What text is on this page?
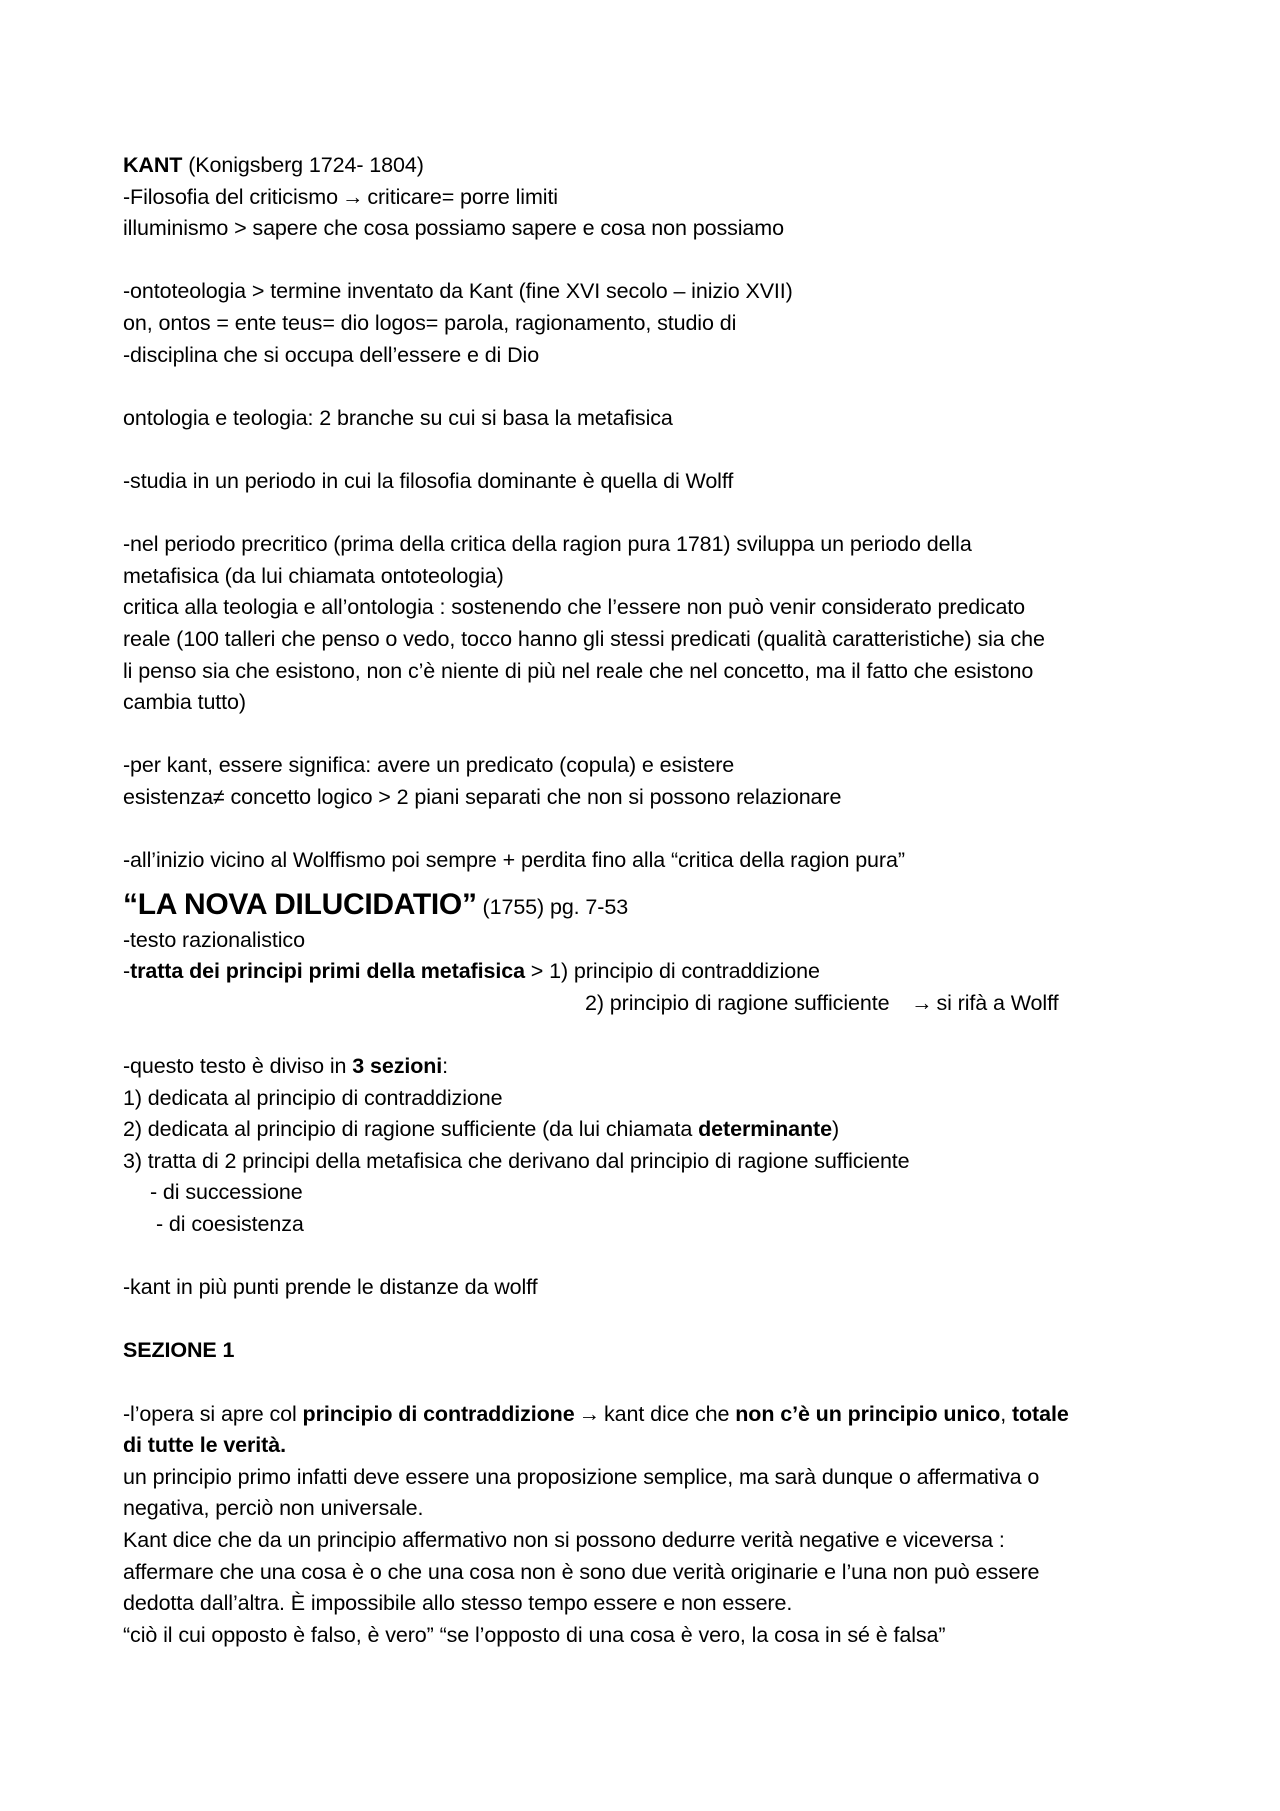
KANT (Konigsberg 1724- 1804)
-Filosofia del criticismo → criticare= porre limiti
illuminismo > sapere che cosa possiamo sapere e cosa non possiamo
-ontoteologia > termine inventato da Kant (fine XVI secolo – inizio XVII)
on, ontos = ente teus= dio logos= parola, ragionamento, studio di
-disciplina che si occupa dell’essere e di Dio
ontologia e teologia: 2 branche su cui si basa la metafisica
-studia in un periodo in cui la filosofia dominante è quella di Wolff
-nel periodo precritico (prima della critica della ragion pura 1781) sviluppa un periodo della
metafisica (da lui chiamata ontoteologia)
critica alla teologia e all’ontologia : sostenendo che l’essere non può venir considerato predicato
reale (100 talleri che penso o vedo, tocco hanno gli stessi predicati (qualità caratteristiche) sia che
li penso sia che esistono, non c’è niente di più nel reale che nel concetto, ma il fatto che esistono
cambia tutto)
-per kant, essere significa: avere un predicato (copula) e esistere
esistenza≠ concetto logico > 2 piani separati che non si possono relazionare
-all’inizio vicino al Wolffismo poi sempre + perdita fino alla “critica della ragion pura”
“LA NOVA DILUCIDATIO” (1755) pg. 7-53
-testo razionalistico
-tratta dei principi primi della metafisica > 1) principio di contraddizione
2) principio di ragione sufficiente → si rifà a Wolff
-questo testo è diviso in 3 sezioni:
1) dedicata al principio di contraddizione
2) dedicata al principio di ragione sufficiente (da lui chiamata determinante)
3) tratta di 2 principi della metafisica che derivano dal principio di ragione sufficiente
- di successione
- di coesistenza
-kant in più punti prende le distanze da wolff
SEZIONE 1
-l’opera si apre col principio di contraddizione → kant dice che non c’è un principio unico, totale
di tutte le verità.
un principio primo infatti deve essere una proposizione semplice, ma sarà dunque o affermativa o
negativa, perciò non universale.
Kant dice che da un principio affermativo non si possono dedurre verità negative e viceversa :
affermare che una cosa è o che una cosa non è sono due verità originarie e l’una non può essere
dedotta dall’altra. È impossibile allo stesso tempo essere e non essere.
“ciò il cui opposto è falso, è vero” “se l’opposto di una cosa è vero, la cosa in sé è falsa”
